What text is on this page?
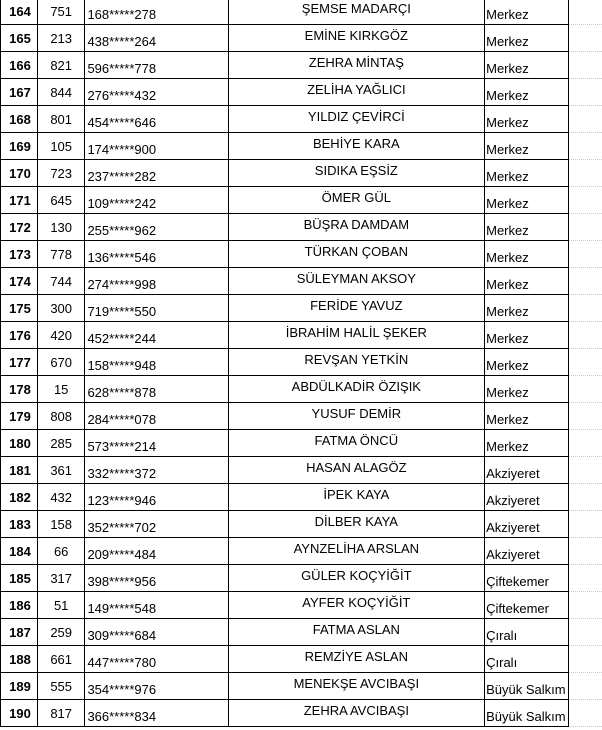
164	751	168*****278	ŞEMSE MADARÇI	Merkez	
165	213	438*****264	EMİNE KIRKGÖZ	Merkez	
166	821	596*****778	ZEHRA MİNTAŞ	Merkez	
167	844	276*****432	ZELİHA YAĞLICI	Merkez	
168	801	454*****646	YILDIZ ÇEVİRCİ	Merkez	
169	105	174*****900	BEHİYE KARA	Merkez	
170	723	237*****282	SIDIKA EŞSİZ	Merkez	
171	645	109*****242	ÖMER GÜL	Merkez	
172	130	255*****962	BÜŞRA DAMDAM	Merkez	
173	778	136*****546	TÜRKAN ÇOBAN	Merkez	
174	744	274*****998	SÜLEYMAN AKSOY	Merkez	
175	300	719*****550	FERİDE YAVUZ	Merkez	
176	420	452*****244	İBRAHİM HALİL ŞEKER	Merkez	
177	670	158*****948	REVŞAN YETKİN	Merkez	
178	15	628*****878	ABDÜLKADİR ÖZIŞIK	Merkez	
179	808	284*****078	YUSUF DEMİR	Merkez	
180	285	573*****214	FATMA ÖNCÜ	Merkez	
181	361	332*****372	HASAN ALAGÖZ	Akziyeret	
182	432	123*****946	İPEK KAYA	Akziyeret	
183	158	352*****702	DİLBER KAYA	Akziyeret	
184	66	209*****484	AYNZELİHA ARSLAN	Akziyeret	
185	317	398*****956	GÜLER KOÇYİĞİT	Çiftekemer	
186	51	149*****548	AYFER KOÇYİĞİT	Çiftekemer	
187	259	309*****684	FATMA ASLAN	Çıralı	
188	661	447*****780	REMZİYE ASLAN	Çıralı	
189	555	354*****976	MENEKŞE AVCIBAŞI	Büyük Salkım	
190	817	366*****834	ZEHRA AVCIBAŞI	Büyük Salkım	
